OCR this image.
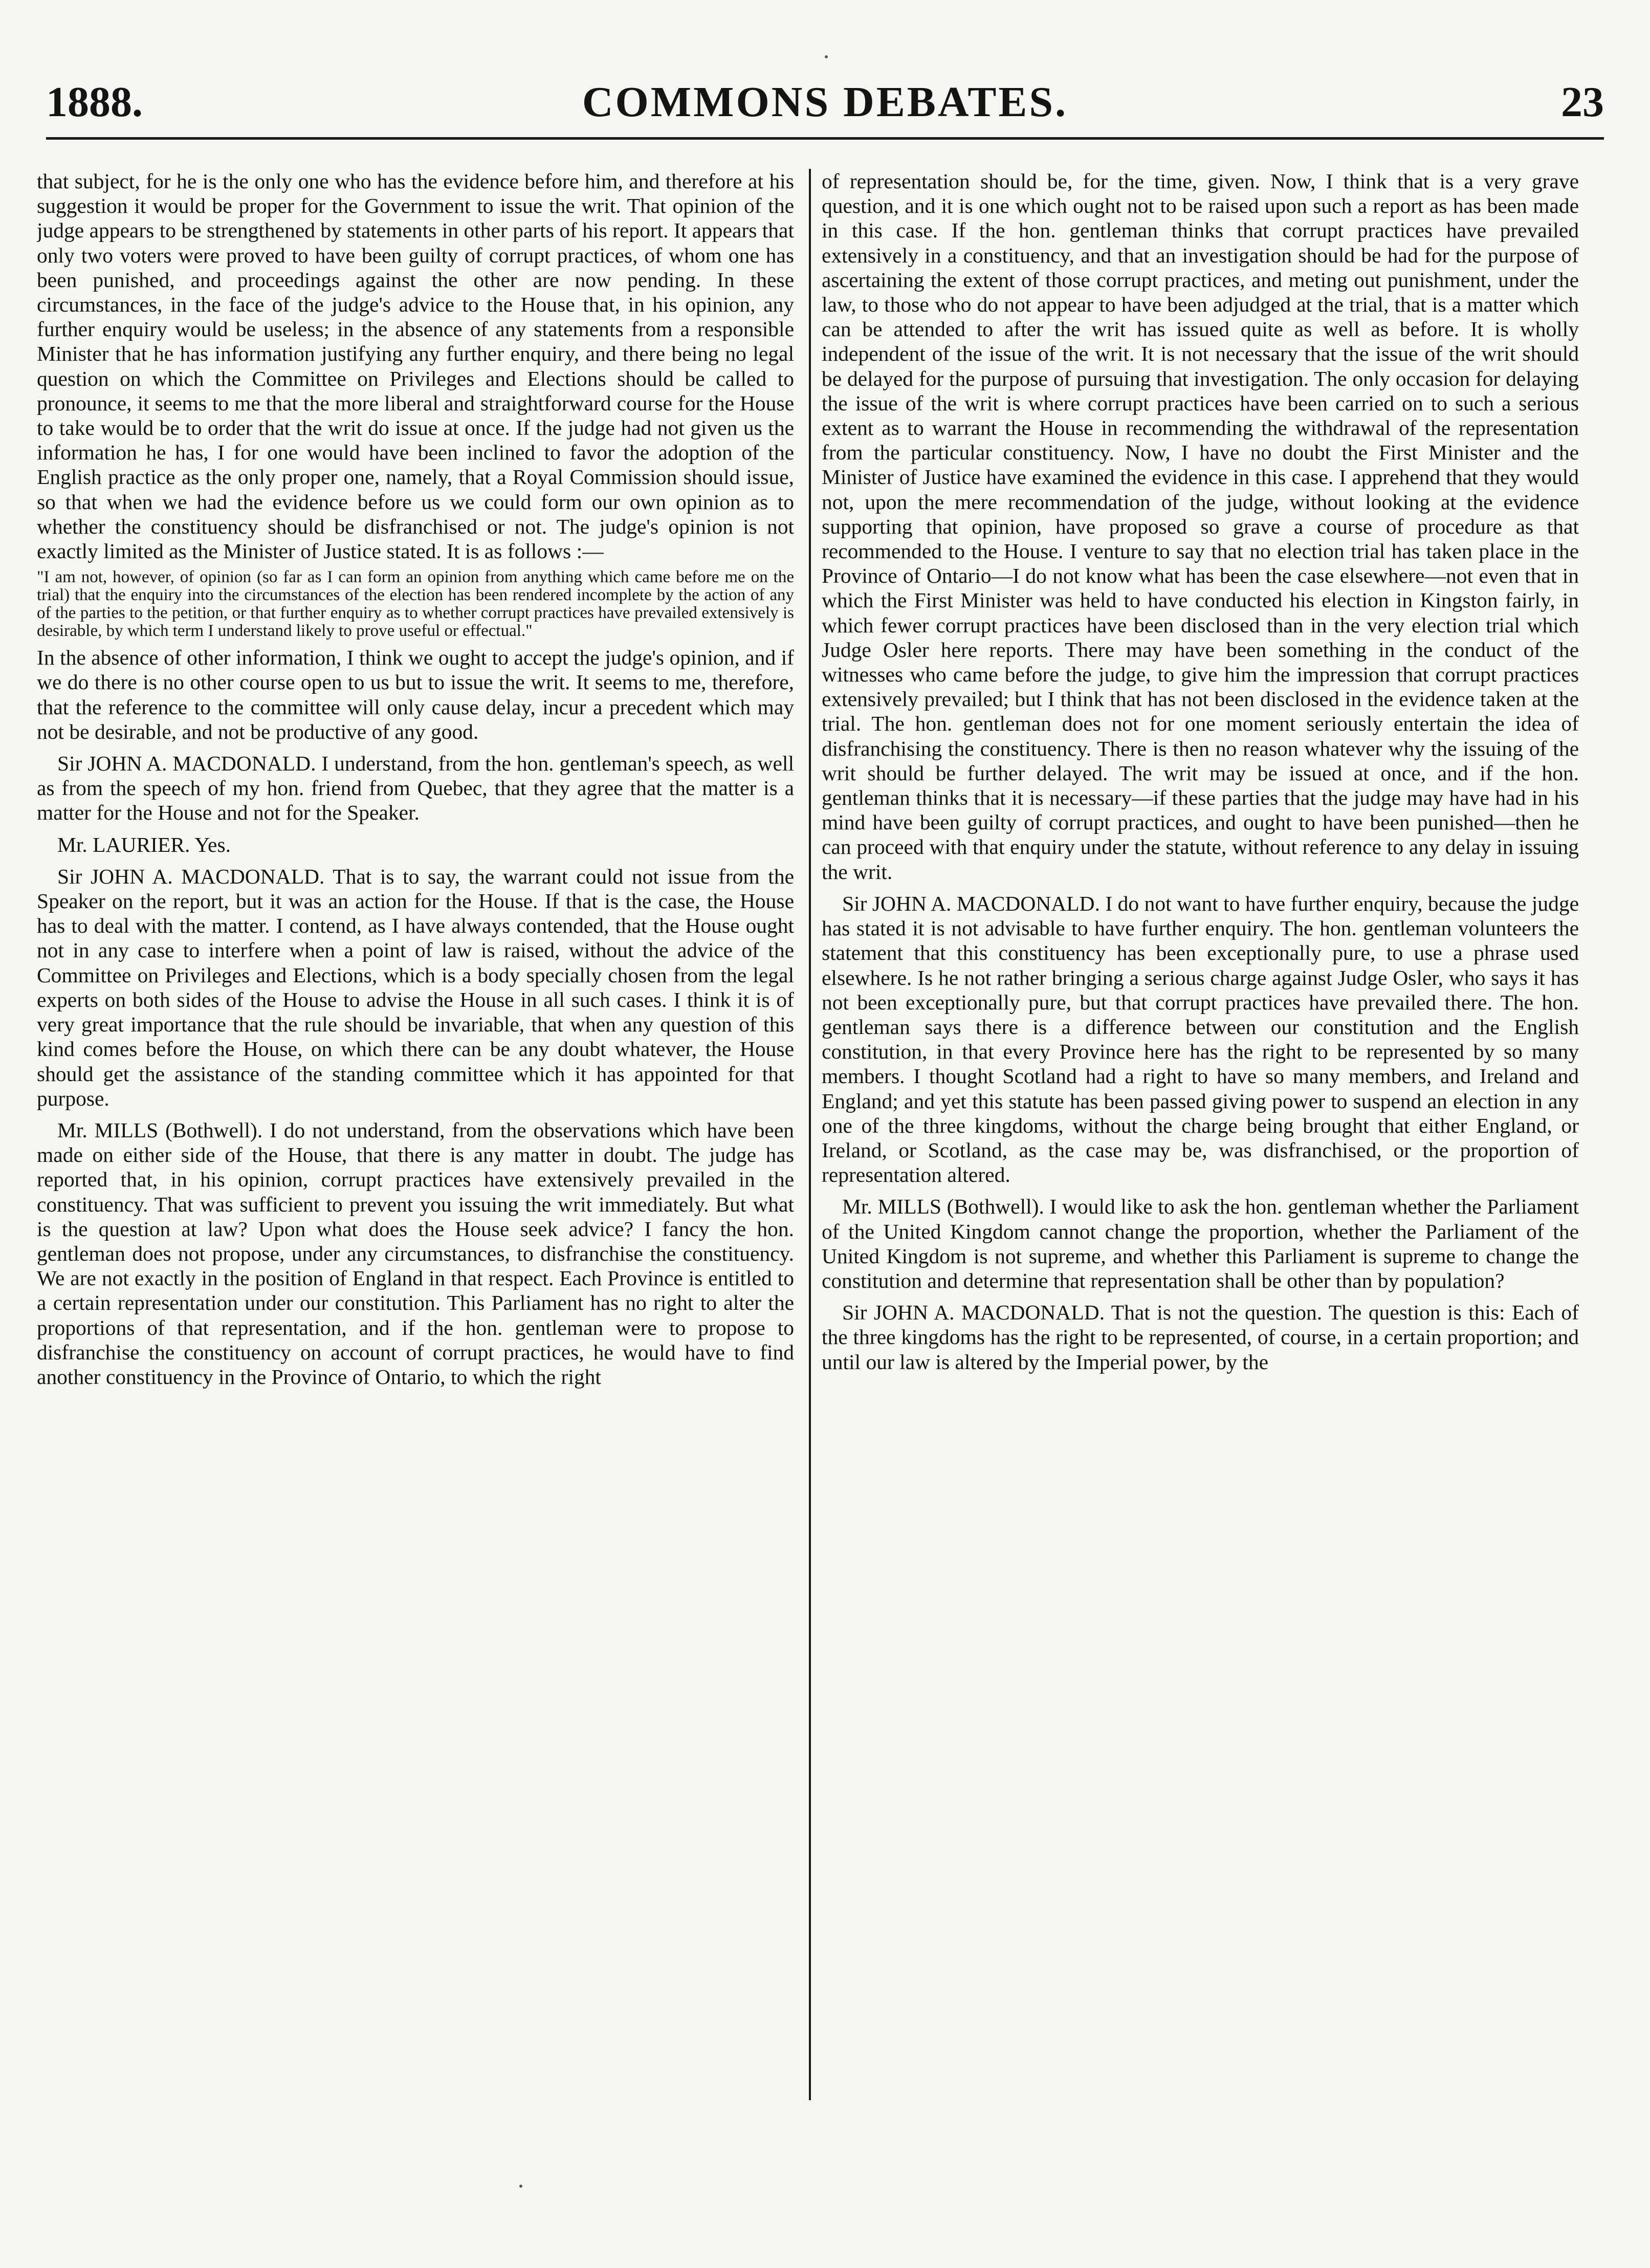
1888.	COMMONS DEBATES.	23

that subject, for he is the only one who has the evidence before him, and therefore at his suggestion it would be proper for the Government to issue the writ. That opinion of the judge appears to be strengthened by statements in other parts of his report. It appears that only two voters were proved to have been guilty of corrupt practices, of whom one has been punished, and proceedings against the other are now pending. In these circumstances, in the face of the judge's advice to the House that, in his opinion, any further enquiry would be useless; in the absence of any statements from a responsible Minister that he has information justifying any further enquiry, and there being no legal question on which the Committee on Privileges and Elections should be called to pronounce, it seems to me that the more liberal and straightforward course for the House to take would be to order that the writ do issue at once. If the judge had not given us the information he has, I for one would have been inclined to favor the adoption of the English practice as the only proper one, namely, that a Royal Commission should issue, so that when we had the evidence before us we could form our own opinion as to whether the constituency should be disfranchised or not. The judge's opinion is not exactly limited as the Minister of Justice stated. It is as follows :—

"I am not, however, of opinion (so far as I can form an opinion from anything which came before me on the trial) that the enquiry into the circumstances of the election has been rendered incomplete by the action of any of the parties to the petition, or that further enquiry as to whether corrupt practices have prevailed extensively is desirable, by which term I understand likely to prove useful or effectual."

In the absence of other information, I think we ought to accept the judge's opinion, and if we do there is no other course open to us but to issue the writ. It seems to me, therefore, that the reference to the committee will only cause delay, incur a precedent which may not be desirable, and not be productive of any good.

Sir JOHN A. MACDONALD. I understand, from the hon. gentleman's speech, as well as from the speech of my hon. friend from Quebec, that they agree that the matter is a matter for the House and not for the Speaker.

Mr. LAURIER. Yes.

Sir JOHN A. MACDONALD. That is to say, the warrant could not issue from the Speaker on the report, but it was an action for the House. If that is the case, the House has to deal with the matter. I contend, as I have always contended, that the House ought not in any case to interfere when a point of law is raised, without the advice of the Committee on Privileges and Elections, which is a body specially chosen from the legal experts on both sides of the House to advise the House in all such cases. I think it is of very great importance that the rule should be invariable, that when any question of this kind comes before the House, on which there can be any doubt whatever, the House should get the assistance of the standing committee which it has appointed for that purpose.

Mr. MILLS (Bothwell). I do not understand, from the observations which have been made on either side of the House, that there is any matter in doubt. The judge has reported that, in his opinion, corrupt practices have extensively prevailed in the constituency. That was sufficient to prevent you issuing the writ immediately. But what is the question at law? Upon what does the House seek advice? I fancy the hon. gentleman does not propose, under any circumstances, to disfranchise the constituency. We are not exactly in the position of England in that respect. Each Province is entitled to a certain representation under our constitution. This Parliament has no right to alter the proportions of that representation, and if the hon. gentleman were to propose to disfranchise the constituency on account of corrupt practices, he would have to find another constituency in the Province of Ontario, to which the right

of representation should be, for the time, given. Now, I think that is a very grave question, and it is one which ought not to be raised upon such a report as has been made in this case. If the hon. gentleman thinks that corrupt practices have prevailed extensively in a constituency, and that an investigation should be had for the purpose of ascertaining the extent of those corrupt practices, and meting out punishment, under the law, to those who do not appear to have been adjudged at the trial, that is a matter which can be attended to after the writ has issued quite as well as before. It is wholly independent of the issue of the writ. It is not necessary that the issue of the writ should be delayed for the purpose of pursuing that investigation. The only occasion for delaying the issue of the writ is where corrupt practices have been carried on to such a serious extent as to warrant the House in recommending the withdrawal of the representation from the particular constituency. Now, I have no doubt the First Minister and the Minister of Justice have examined the evidence in this case. I apprehend that they would not, upon the mere recommendation of the judge, without looking at the evidence supporting that opinion, have proposed so grave a course of procedure as that recommended to the House. I venture to say that no election trial has taken place in the Province of Ontario—I do not know what has been the case elsewhere—not even that in which the First Minister was held to have conducted his election in Kingston fairly, in which fewer corrupt practices have been disclosed than in the very election trial which Judge Osler here reports. There may have been something in the conduct of the witnesses who came before the judge, to give him the impression that corrupt practices extensively prevailed; but I think that has not been disclosed in the evidence taken at the trial. The hon. gentleman does not for one moment seriously entertain the idea of disfranchising the constituency. There is then no reason whatever why the issuing of the writ should be further delayed. The writ may be issued at once, and if the hon. gentleman thinks that it is necessary—if these parties that the judge may have had in his mind have been guilty of corrupt practices, and ought to have been punished—then he can proceed with that enquiry under the statute, without reference to any delay in issuing the writ.

Sir JOHN A. MACDONALD. I do not want to have further enquiry, because the judge has stated it is not advisable to have further enquiry. The hon. gentleman volunteers the statement that this constituency has been exceptionally pure, to use a phrase used elsewhere. Is he not rather bringing a serious charge against Judge Osler, who says it has not been exceptionally pure, but that corrupt practices have prevailed there. The hon. gentleman says there is a difference between our constitution and the English constitution, in that every Province here has the right to be represented by so many members. I thought Scotland had a right to have so many members, and Ireland and England; and yet this statute has been passed giving power to suspend an election in any one of the three kingdoms, without the charge being brought that either England, or Ireland, or Scotland, as the case may be, was disfranchised, or the proportion of representation altered.

Mr. MILLS (Bothwell). I would like to ask the hon. gentleman whether the Parliament of the United Kingdom cannot change the proportion, whether the Parliament of the United Kingdom is not supreme, and whether this Parliament is supreme to change the constitution and determine that representation shall be other than by population?

Sir JOHN A. MACDONALD. That is not the question. The question is this: Each of the three kingdoms has the right to be represented, of course, in a certain proportion; and until our law is altered by the Imperial power, by the
